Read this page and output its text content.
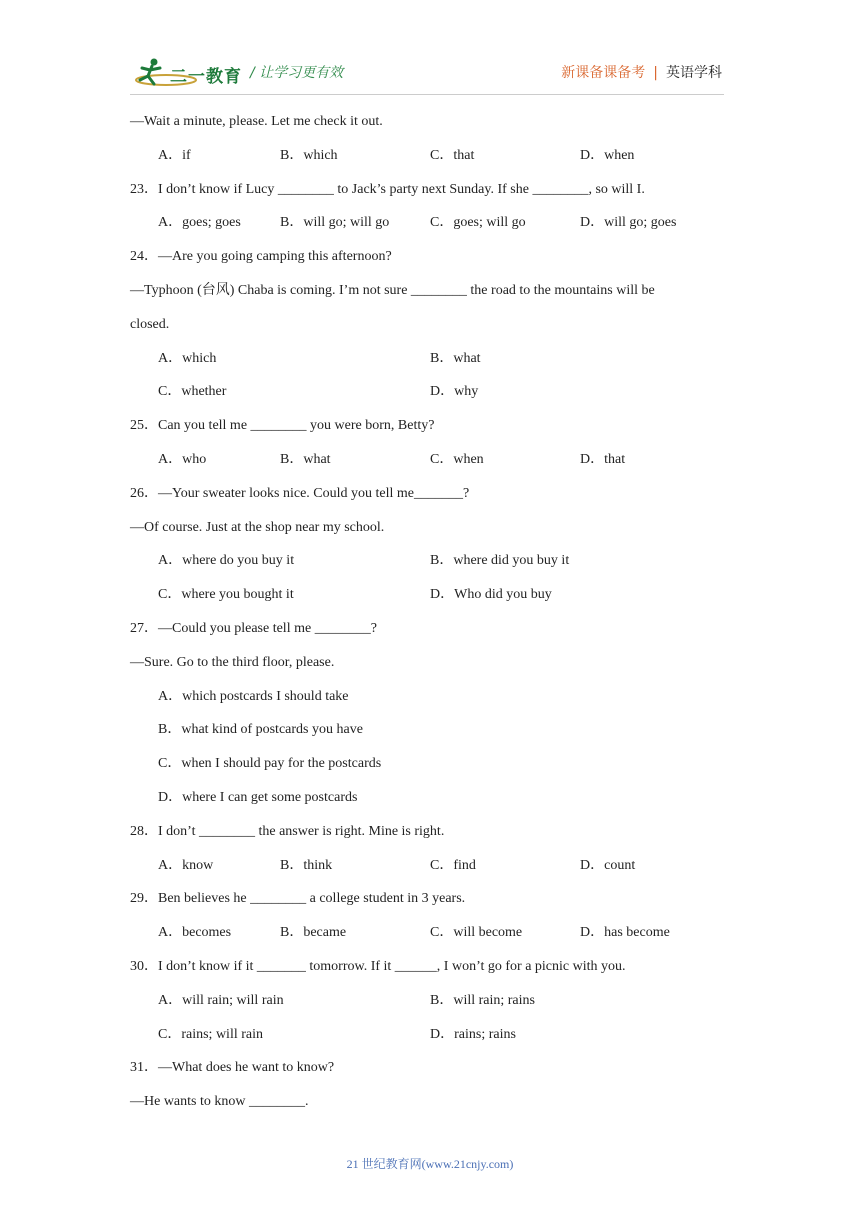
二一教育 / 让学习更有效	新课备课备考 | 英语学科
—Wait a minute, please. Let me check it out.
A．if	B．which	C．that	D．when
23．I don’t know if Lucy ________ to Jack’s party next Sunday. If she ________, so will I.
A．goes; goes	B．will go; will go	C．goes; will go	D．will go; goes
24．—Are you going camping this afternoon?
—Typhoon (台风) Chaba is coming. I’m not sure ________ the road to the mountains will be
closed.
A．which	B．what
C．whether	D．why
25．Can you tell me ________ you were born, Betty?
A．who	B．what	C．when	D．that
26．—Your sweater looks nice. Could you tell me_______?
—Of course. Just at the shop near my school.
A．where do you buy it	B．where did you buy it
C．where you bought it	D．Who did you buy
27．—Could you please tell me ________?
—Sure. Go to the third floor, please.
A．which postcards I should take
B．what kind of postcards you have
C．when I should pay for the postcards
D．where I can get some postcards
28．I don’t ________ the answer is right. Mine is right.
A．know	B．think	C．find	D．count
29．Ben believes he ________ a college student in 3 years.
A．becomes	B．became	C．will become	D．has become
30．I don’t know if it _______ tomorrow. If it ______, I won’t go for a picnic with you.
A．will rain; will rain	B．will rain; rains
C．rains; will rain	D．rains; rains
31．—What does he want to know?
—He wants to know ________.
21 世纪教育网(www.21cnjy.com)
